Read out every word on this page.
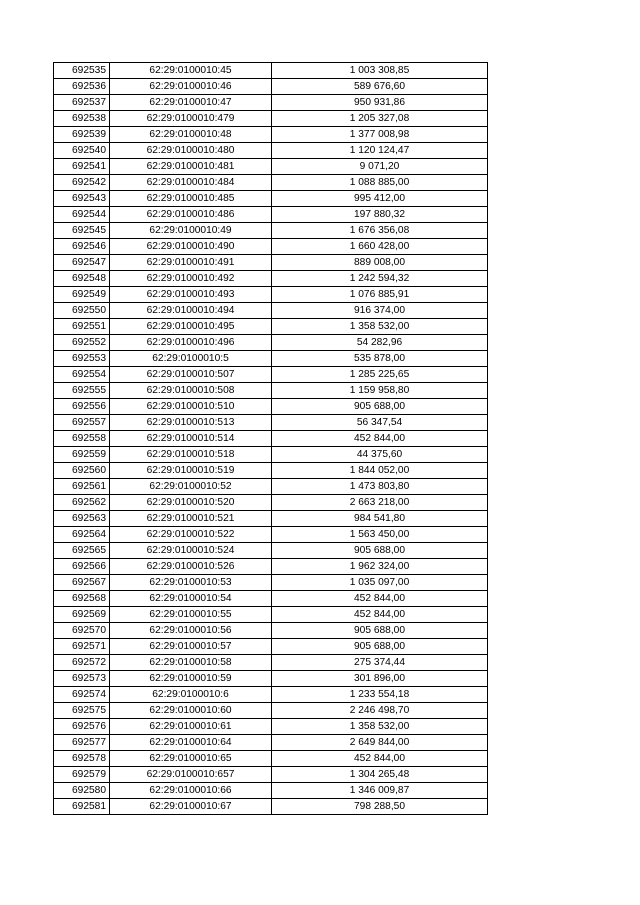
692535	62:29:0100010:45	1 003 308,85
692536	62:29:0100010:46	589 676,60
692537	62:29:0100010:47	950 931,86
692538	62:29:0100010:479	1 205 327,08
692539	62:29:0100010:48	1 377 008,98
692540	62:29:0100010:480	1 120 124,47
692541	62:29:0100010:481	9 071,20
692542	62:29:0100010:484	1 088 885,00
692543	62:29:0100010:485	995 412,00
692544	62:29:0100010:486	197 880,32
692545	62:29:0100010:49	1 676 356,08
692546	62:29:0100010:490	1 660 428,00
692547	62:29:0100010:491	889 008,00
692548	62:29:0100010:492	1 242 594,32
692549	62:29:0100010:493	1 076 885,91
692550	62:29:0100010:494	916 374,00
692551	62:29:0100010:495	1 358 532,00
692552	62:29:0100010:496	54 282,96
692553	62:29:0100010:5	535 878,00
692554	62:29:0100010:507	1 285 225,65
692555	62:29:0100010:508	1 159 958,80
692556	62:29:0100010:510	905 688,00
692557	62:29:0100010:513	56 347,54
692558	62:29:0100010:514	452 844,00
692559	62:29:0100010:518	44 375,60
692560	62:29:0100010:519	1 844 052,00
692561	62:29:0100010:52	1 473 803,80
692562	62:29:0100010:520	2 663 218,00
692563	62:29:0100010:521	984 541,80
692564	62:29:0100010:522	1 563 450,00
692565	62:29:0100010:524	905 688,00
692566	62:29:0100010:526	1 962 324,00
692567	62:29:0100010:53	1 035 097,00
692568	62:29:0100010:54	452 844,00
692569	62:29:0100010:55	452 844,00
692570	62:29:0100010:56	905 688,00
692571	62:29:0100010:57	905 688,00
692572	62:29:0100010:58	275 374,44
692573	62:29:0100010:59	301 896,00
692574	62:29:0100010:6	1 233 554,18
692575	62:29:0100010:60	2 246 498,70
692576	62:29:0100010:61	1 358 532,00
692577	62:29:0100010:64	2 649 844,00
692578	62:29:0100010:65	452 844,00
692579	62:29:0100010:657	1 304 265,48
692580	62:29:0100010:66	1 346 009,87
692581	62:29:0100010:67	798 288,50
